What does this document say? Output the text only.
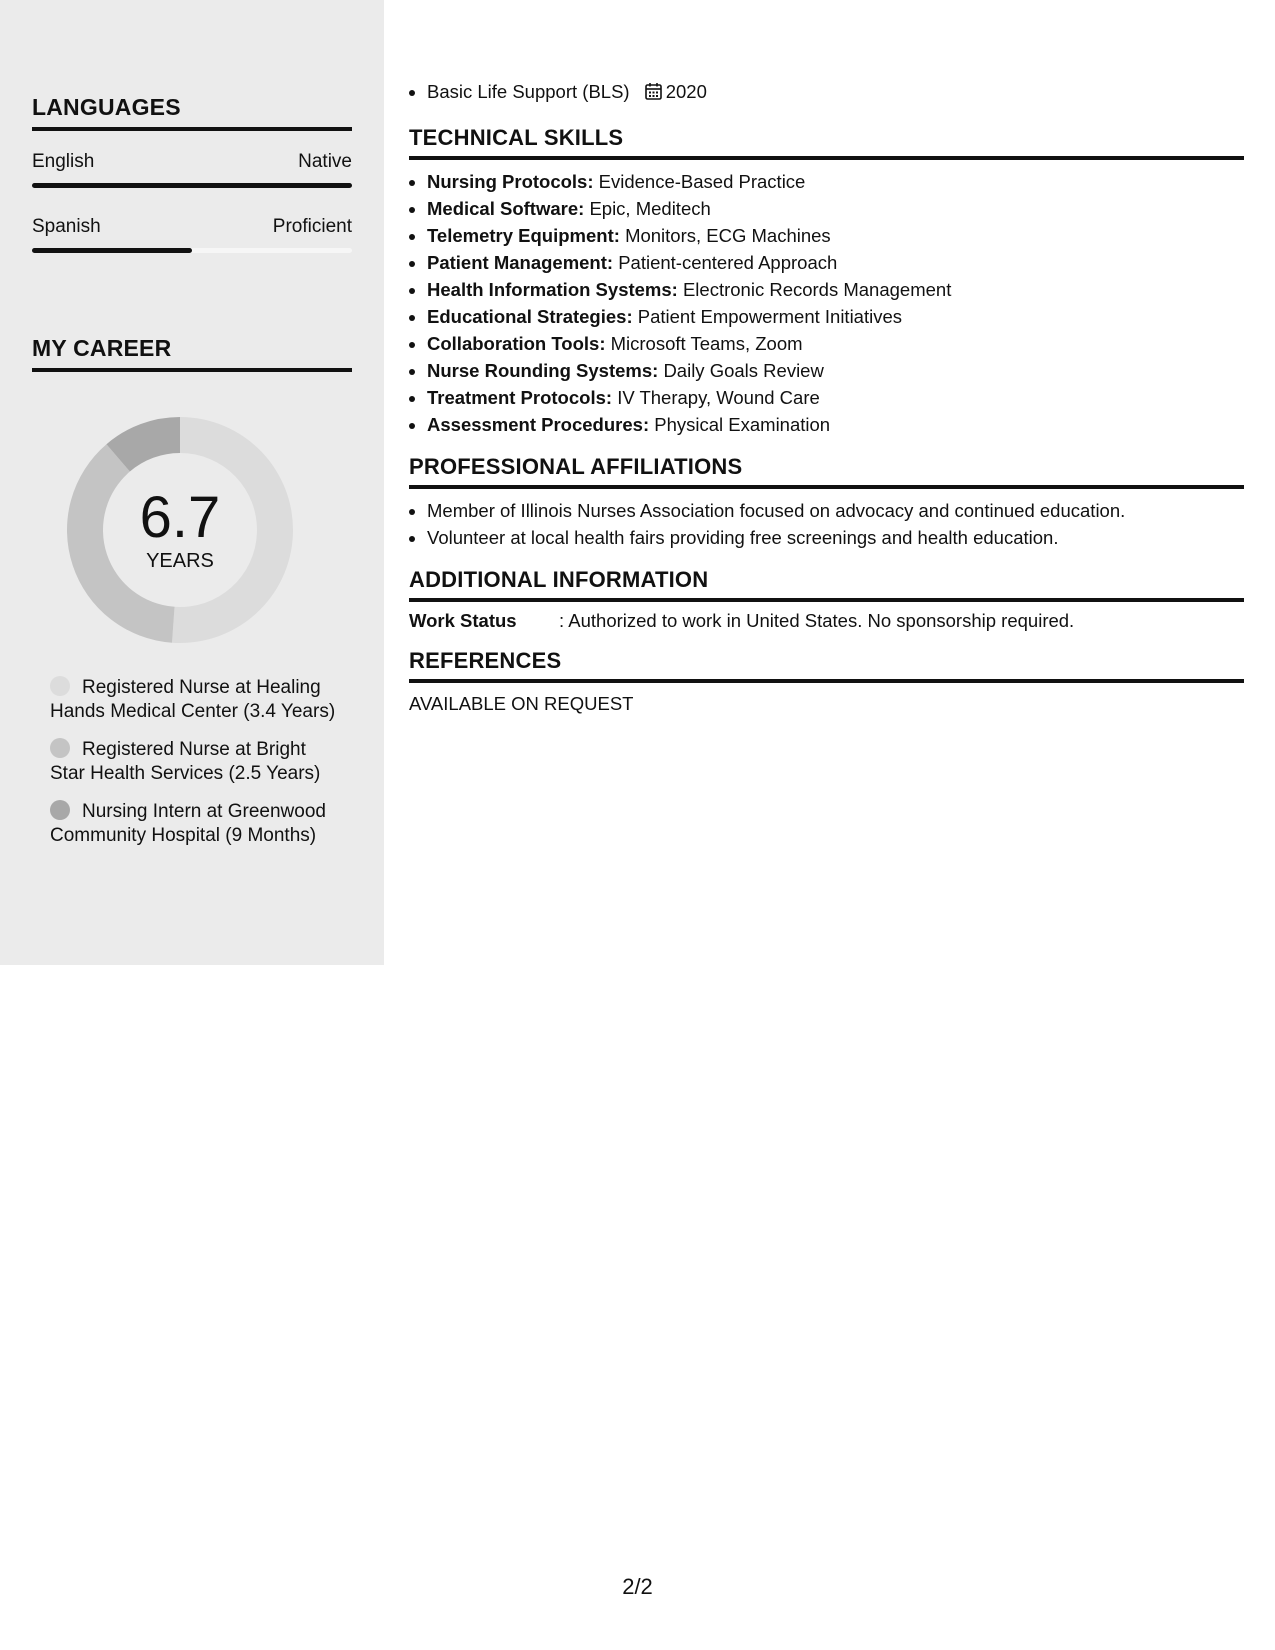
LANGUAGES
English	Native
Spanish	Proficient
MY CAREER
6.7
YEARS
Registered Nurse at Healing Hands Medical Center (3.4 Years)
Registered Nurse at Bright Star Health Services (2.5 Years)
Nursing Intern at Greenwood Community Hospital (9 Months)
• Basic Life Support (BLS) 2020
TECHNICAL SKILLS
• Nursing Protocols: Evidence-Based Practice
• Medical Software: Epic, Meditech
• Telemetry Equipment: Monitors, ECG Machines
• Patient Management: Patient-centered Approach
• Health Information Systems: Electronic Records Management
• Educational Strategies: Patient Empowerment Initiatives
• Collaboration Tools: Microsoft Teams, Zoom
• Nurse Rounding Systems: Daily Goals Review
• Treatment Protocols: IV Therapy, Wound Care
• Assessment Procedures: Physical Examination
PROFESSIONAL AFFILIATIONS
• Member of Illinois Nurses Association focused on advocacy and continued education.
• Volunteer at local health fairs providing free screenings and health education.
ADDITIONAL INFORMATION
Work Status	: Authorized to work in United States. No sponsorship required.
REFERENCES
AVAILABLE ON REQUEST
2/2
